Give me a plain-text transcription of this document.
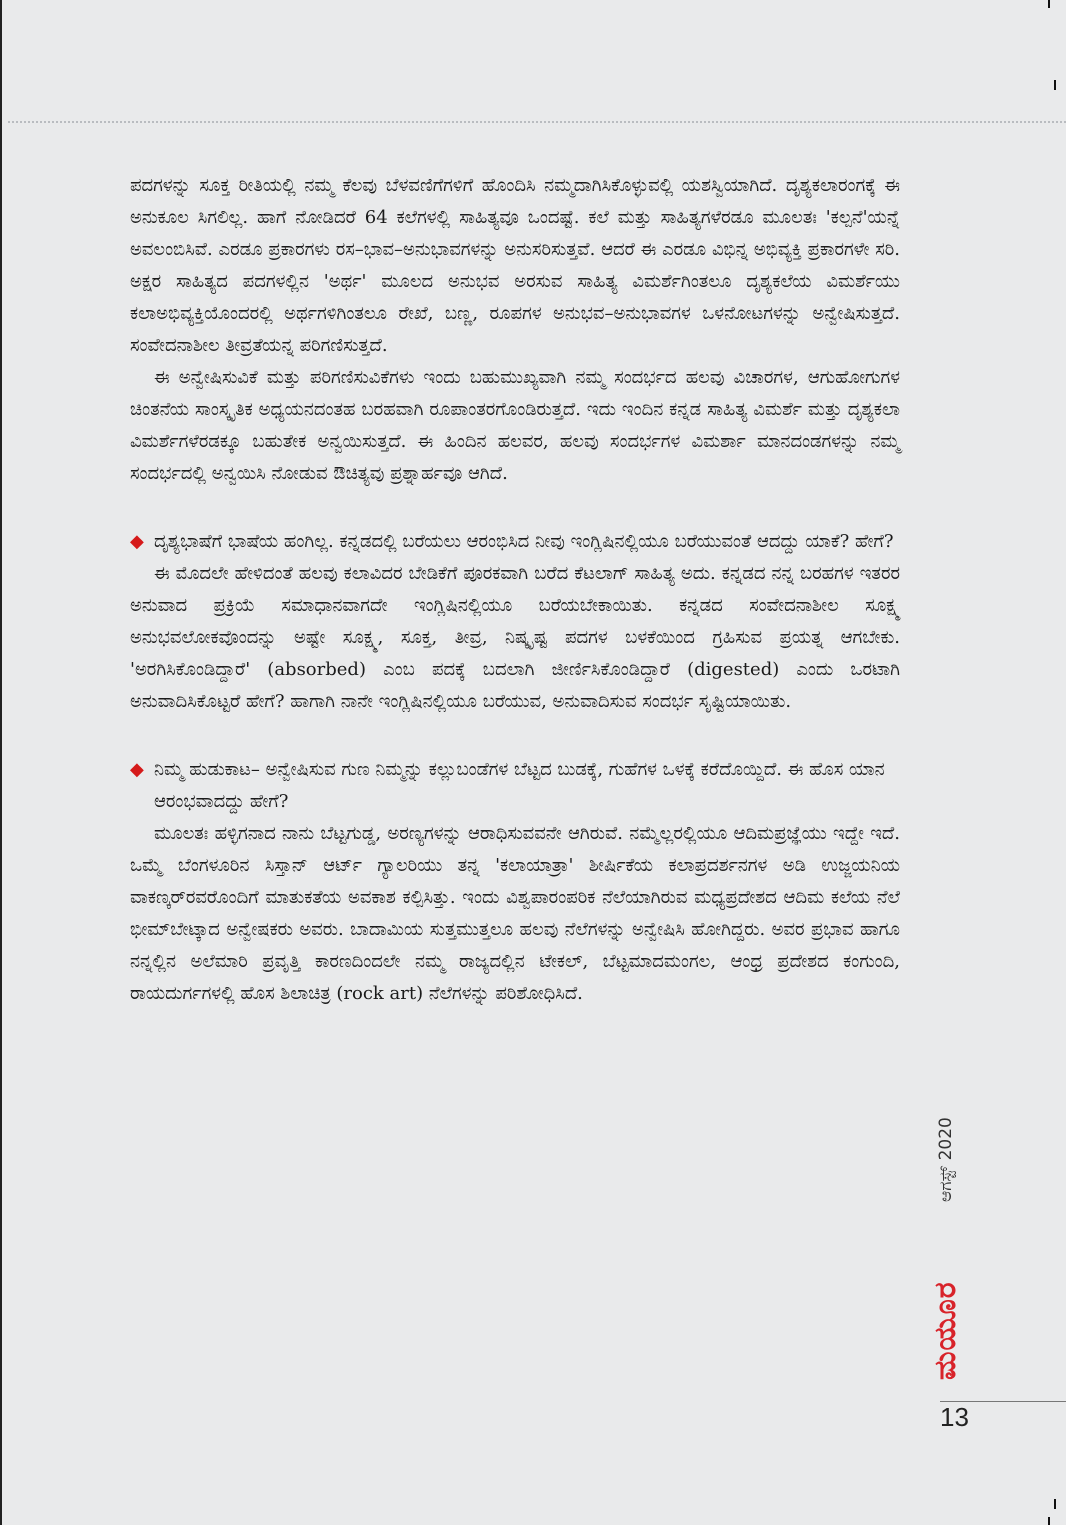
ಪದಗಳನ್ನು ಸೂಕ್ತ ರೀತಿಯಲ್ಲಿ ನಮ್ಮ ಕೆಲವು ಬೆಳವಣಿಗೆಗಳಿಗೆ ಹೊಂದಿಸಿ ನಮ್ಮದಾಗಿಸಿಕೊಳ್ಳುವಲ್ಲಿ ಯಶಸ್ವಿಯಾಗಿದೆ. ದೃಶ್ಯಕಲಾರಂಗಕ್ಕೆ ಈ ಅನುಕೂಲ ಸಿಗಲಿಲ್ಲ. ಹಾಗೆ ನೋಡಿದರೆ 64 ಕಲೆಗಳಲ್ಲಿ ಸಾಹಿತ್ಯವೂ ಒಂದಷ್ಟೆ. ಕಲೆ ಮತ್ತು ಸಾಹಿತ್ಯಗಳೆರಡೂ ಮೂಲತಃ 'ಕಲ್ಪನೆ'ಯನ್ನೆ ಅವಲಂಬಿಸಿವೆ. ಎರಡೂ ಪ್ರಕಾರಗಳು ರಸ–ಭಾವ–ಅನುಭಾವಗಳನ್ನು ಅನುಸರಿಸುತ್ತವೆ. ಆದರೆ ಈ ಎರಡೂ ವಿಭಿನ್ನ ಅಭಿವ್ಯಕ್ತಿ ಪ್ರಕಾರಗಳೇ ಸರಿ. ಅಕ್ಷರ ಸಾಹಿತ್ಯದ ಪದಗಳಲ್ಲಿನ 'ಅರ್ಥ' ಮೂಲದ ಅನುಭವ ಅರಸುವ ಸಾಹಿತ್ಯ ವಿಮರ್ಶೆಗಿಂತಲೂ ದೃಶ್ಯಕಲೆಯ ವಿಮರ್ಶೆಯು ಕಲಾಅಭಿವ್ಯಕ್ತಿಯೊಂದರಲ್ಲಿ ಅರ್ಥಗಳಿಗಿಂತಲೂ ರೇಖೆ, ಬಣ್ಣ, ರೂಪಗಳ ಅನುಭವ–ಅನುಭಾವಗಳ ಒಳನೋಟಗಳನ್ನು ಅನ್ವೇಷಿಸುತ್ತದೆ. ಸಂವೇದನಾಶೀಲ ತೀವ್ರತೆಯನ್ನ ಪರಿಗಣಿಸುತ್ತದೆ.

ಈ ಅನ್ವೇಷಿಸುವಿಕೆ ಮತ್ತು ಪರಿಗಣಿಸುವಿಕೆಗಳು ಇಂದು ಬಹುಮುಖ್ಯವಾಗಿ ನಮ್ಮ ಸಂದರ್ಭದ ಹಲವು ವಿಚಾರಗಳ, ಆಗುಹೋಗುಗಳ ಚಿಂತನೆಯ ಸಾಂಸ್ಕೃತಿಕ ಅಧ್ಯಯನದಂತಹ ಬರಹವಾಗಿ ರೂಪಾಂತರಗೊಂಡಿರುತ್ತದೆ. ಇದು ಇಂದಿನ ಕನ್ನಡ ಸಾಹಿತ್ಯ ವಿಮರ್ಶೆ ಮತ್ತು ದೃಶ್ಯಕಲಾ ವಿಮರ್ಶೆಗಳೆರಡಕ್ಕೂ ಬಹುತೇಕ ಅನ್ವಯಿಸುತ್ತದೆ. ಈ ಹಿಂದಿನ ಹಲವರ, ಹಲವು ಸಂದರ್ಭಗಳ ವಿಮರ್ಶಾ ಮಾನದಂಡಗಳನ್ನು ನಮ್ಮ ಸಂದರ್ಭದಲ್ಲಿ ಅನ್ವಯಿಸಿ ನೋಡುವ ಔಚಿತ್ಯವು ಪ್ರಶ್ನಾರ್ಹವೂ ಆಗಿದೆ.

◆ ದೃಶ್ಯಭಾಷೆಗೆ ಭಾಷೆಯ ಹಂಗಿಲ್ಲ. ಕನ್ನಡದಲ್ಲಿ ಬರೆಯಲು ಆರಂಭಿಸಿದ ನೀವು ಇಂಗ್ಲಿಷಿನಲ್ಲಿಯೂ ಬರೆಯುವಂತೆ ಆದದ್ದು ಯಾಕೆ? ಹೇಗೆ?

ಈ ಮೊದಲೇ ಹೇಳಿದಂತೆ ಹಲವು ಕಲಾವಿದರ ಬೇಡಿಕೆಗೆ ಪೂರಕವಾಗಿ ಬರೆದ ಕೆಟಲಾಗ್ ಸಾಹಿತ್ಯ ಅದು. ಕನ್ನಡದ ನನ್ನ ಬರಹಗಳ ಇತರರ ಅನುವಾದ ಪ್ರಕ್ರಿಯೆ ಸಮಾಧಾನವಾಗದೇ ಇಂಗ್ಲಿಷಿನಲ್ಲಿಯೂ ಬರೆಯಬೇಕಾಯಿತು. ಕನ್ನಡದ ಸಂವೇದನಾಶೀಲ ಸೂಕ್ಷ್ಮ ಅನುಭವಲೋಕವೊಂದನ್ನು ಅಷ್ಟೇ ಸೂಕ್ಷ್ಮ, ಸೂಕ್ತ, ತೀವ್ರ, ನಿಷ್ಕೃಷ್ಟ ಪದಗಳ ಬಳಕೆಯಿಂದ ಗ್ರಹಿಸುವ ಪ್ರಯತ್ನ ಆಗಬೇಕು. 'ಅರಗಿಸಿಕೊಂಡಿದ್ದಾರೆ' (absorbed) ಎಂಬ ಪದಕ್ಕೆ ಬದಲಾಗಿ ಜೀರ್ಣಿಸಿಕೊಂಡಿದ್ದಾರೆ (digested) ಎಂದು ಒರಟಾಗಿ ಅನುವಾದಿಸಿಕೊಟ್ಟರೆ ಹೇಗೆ? ಹಾಗಾಗಿ ನಾನೇ ಇಂಗ್ಲಿಷಿನಲ್ಲಿಯೂ ಬರೆಯುವ, ಅನುವಾದಿಸುವ ಸಂದರ್ಭ ಸೃಷ್ಟಿಯಾಯಿತು.

◆ ನಿಮ್ಮ ಹುಡುಕಾಟ– ಅನ್ವೇಷಿಸುವ ಗುಣ ನಿಮ್ಮನ್ನು ಕಲ್ಲುಬಂಡೆಗಳ ಬೆಟ್ಟದ ಬುಡಕ್ಕೆ, ಗುಹೆಗಳ ಒಳಕ್ಕೆ ಕರೆದೊಯ್ದಿದೆ. ಈ ಹೊಸ ಯಾನ ಆರಂಭವಾದದ್ದು ಹೇಗೆ?

ಮೂಲತಃ ಹಳ್ಳಿಗನಾದ ನಾನು ಬೆಟ್ಟಗುಡ್ಡ, ಅರಣ್ಯಗಳನ್ನು ಆರಾಧಿಸುವವನೇ ಆಗಿರುವೆ. ನಮ್ಮೆಲ್ಲರಲ್ಲಿಯೂ ಆದಿಮಪ್ರಜ್ಞೆಯು ಇದ್ದೇ ಇದೆ. ಒಮ್ಮೆ ಬೆಂಗಳೂರಿನ ಸಿಸ್ತಾನ್ ಆರ್ಟ್ ಗ್ಯಾಲರಿಯು ತನ್ನ 'ಕಲಾಯಾತ್ರಾ' ಶೀರ್ಷಿಕೆಯ ಕಲಾಪ್ರದರ್ಶನಗಳ ಅಡಿ ಉಜ್ಜಯನಿಯ ವಾಕಣ್ಕರ್‌ರವರೊಂದಿಗೆ ಮಾತುಕತೆಯ ಅವಕಾಶ ಕಲ್ಪಿಸಿತ್ತು. ಇಂದು ವಿಶ್ವಪಾರಂಪರಿಕ ನೆಲೆಯಾಗಿರುವ ಮಧ್ಯಪ್ರದೇಶದ ಆದಿಮ ಕಲೆಯ ನೆಲೆ ಭೀಮ್‌ಬೇಟ್ಕಾದ ಅನ್ವೇಷಕರು ಅವರು. ಬಾದಾಮಿಯ ಸುತ್ತಮುತ್ತಲೂ ಹಲವು ನೆಲೆಗಳನ್ನು ಅನ್ವೇಷಿಸಿ ಹೋಗಿದ್ದರು. ಅವರ ಪ್ರಭಾವ ಹಾಗೂ ನನ್ನಲ್ಲಿನ ಅಲೆಮಾರಿ ಪ್ರವೃತ್ತಿ ಕಾರಣದಿಂದಲೇ ನಮ್ಮ ರಾಜ್ಯದಲ್ಲಿನ ಟೇಕಲ್, ಬೆಟ್ಟಮಾದಮಂಗಲ, ಆಂಧ್ರ ಪ್ರದೇಶದ ಕಂಗುಂದಿ, ರಾಯದುರ್ಗಗಳಲ್ಲಿ ಹೊಸ ಶಿಲಾಚಿತ್ರ (rock art) ನೆಲೆಗಳನ್ನು ಪರಿಶೋಧಿಸಿದೆ.

ಆಗಸ್ಟ್ 2020
ಮಯೂರ
13
